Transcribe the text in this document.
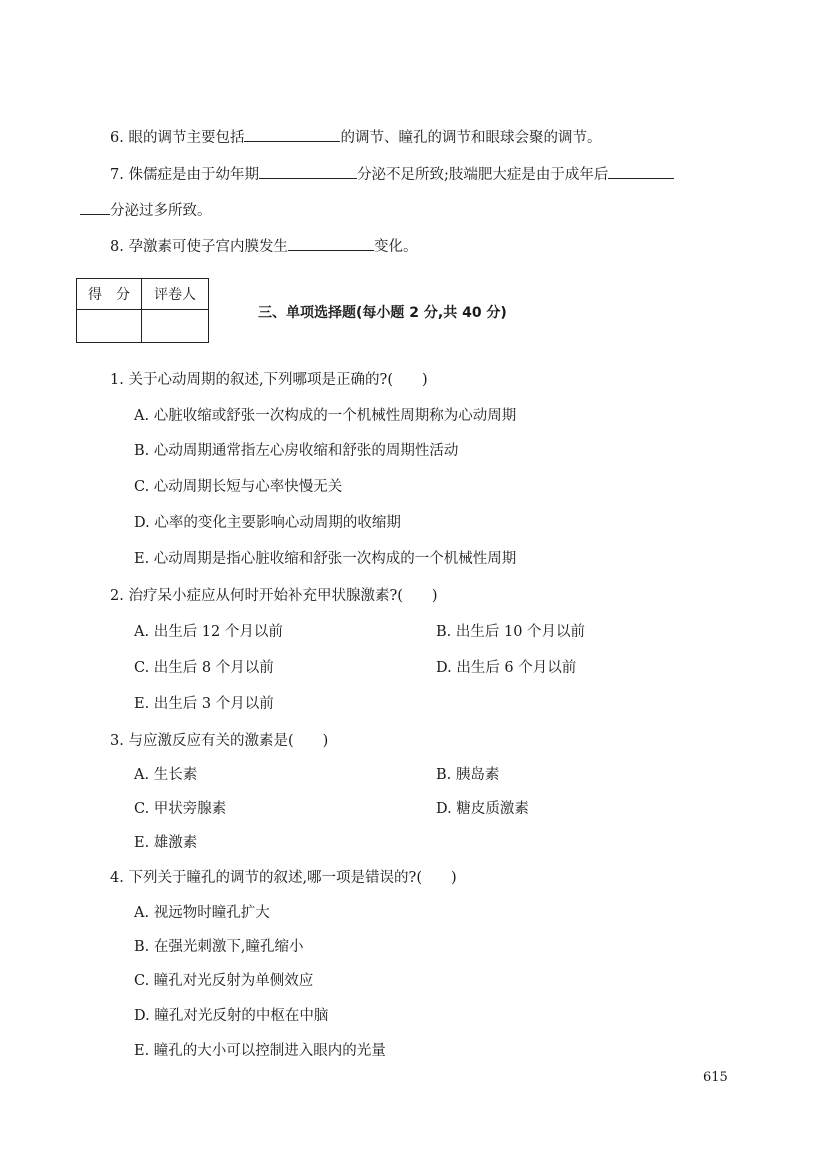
6. 眼的调节主要包括	的调节、瞳孔的调节和眼球会聚的调节。
7. 侏儒症是由于幼年期	分泌不足所致;肢端肥大症是由于成年后
分泌过多所致。
8. 孕激素可使子宫内膜发生	变化。
得　分	评卷人

三、单项选择题(每小题 2 分,共 40 分)
1. 关于心动周期的叙述,下列哪项是正确的?(　　)
A. 心脏收缩或舒张一次构成的一个机械性周期称为心动周期
B. 心动周期通常指左心房收缩和舒张的周期性活动
C. 心动周期长短与心率快慢无关
D. 心率的变化主要影响心动周期的收缩期
E. 心动周期是指心脏收缩和舒张一次构成的一个机械性周期
2. 治疗呆小症应从何时开始补充甲状腺激素?(　　)
A. 出生后 12 个月以前	B. 出生后 10 个月以前
C. 出生后 8 个月以前	D. 出生后 6 个月以前
E. 出生后 3 个月以前
3. 与应激反应有关的激素是(　　)
A. 生长素	B. 胰岛素
C. 甲状旁腺素	D. 糖皮质激素
E. 雄激素
4. 下列关于瞳孔的调节的叙述,哪一项是错误的?(　　)
A. 视远物时瞳孔扩大
B. 在强光刺激下,瞳孔缩小
C. 瞳孔对光反射为单侧效应
D. 瞳孔对光反射的中枢在中脑
E. 瞳孔的大小可以控制进入眼内的光量
615
